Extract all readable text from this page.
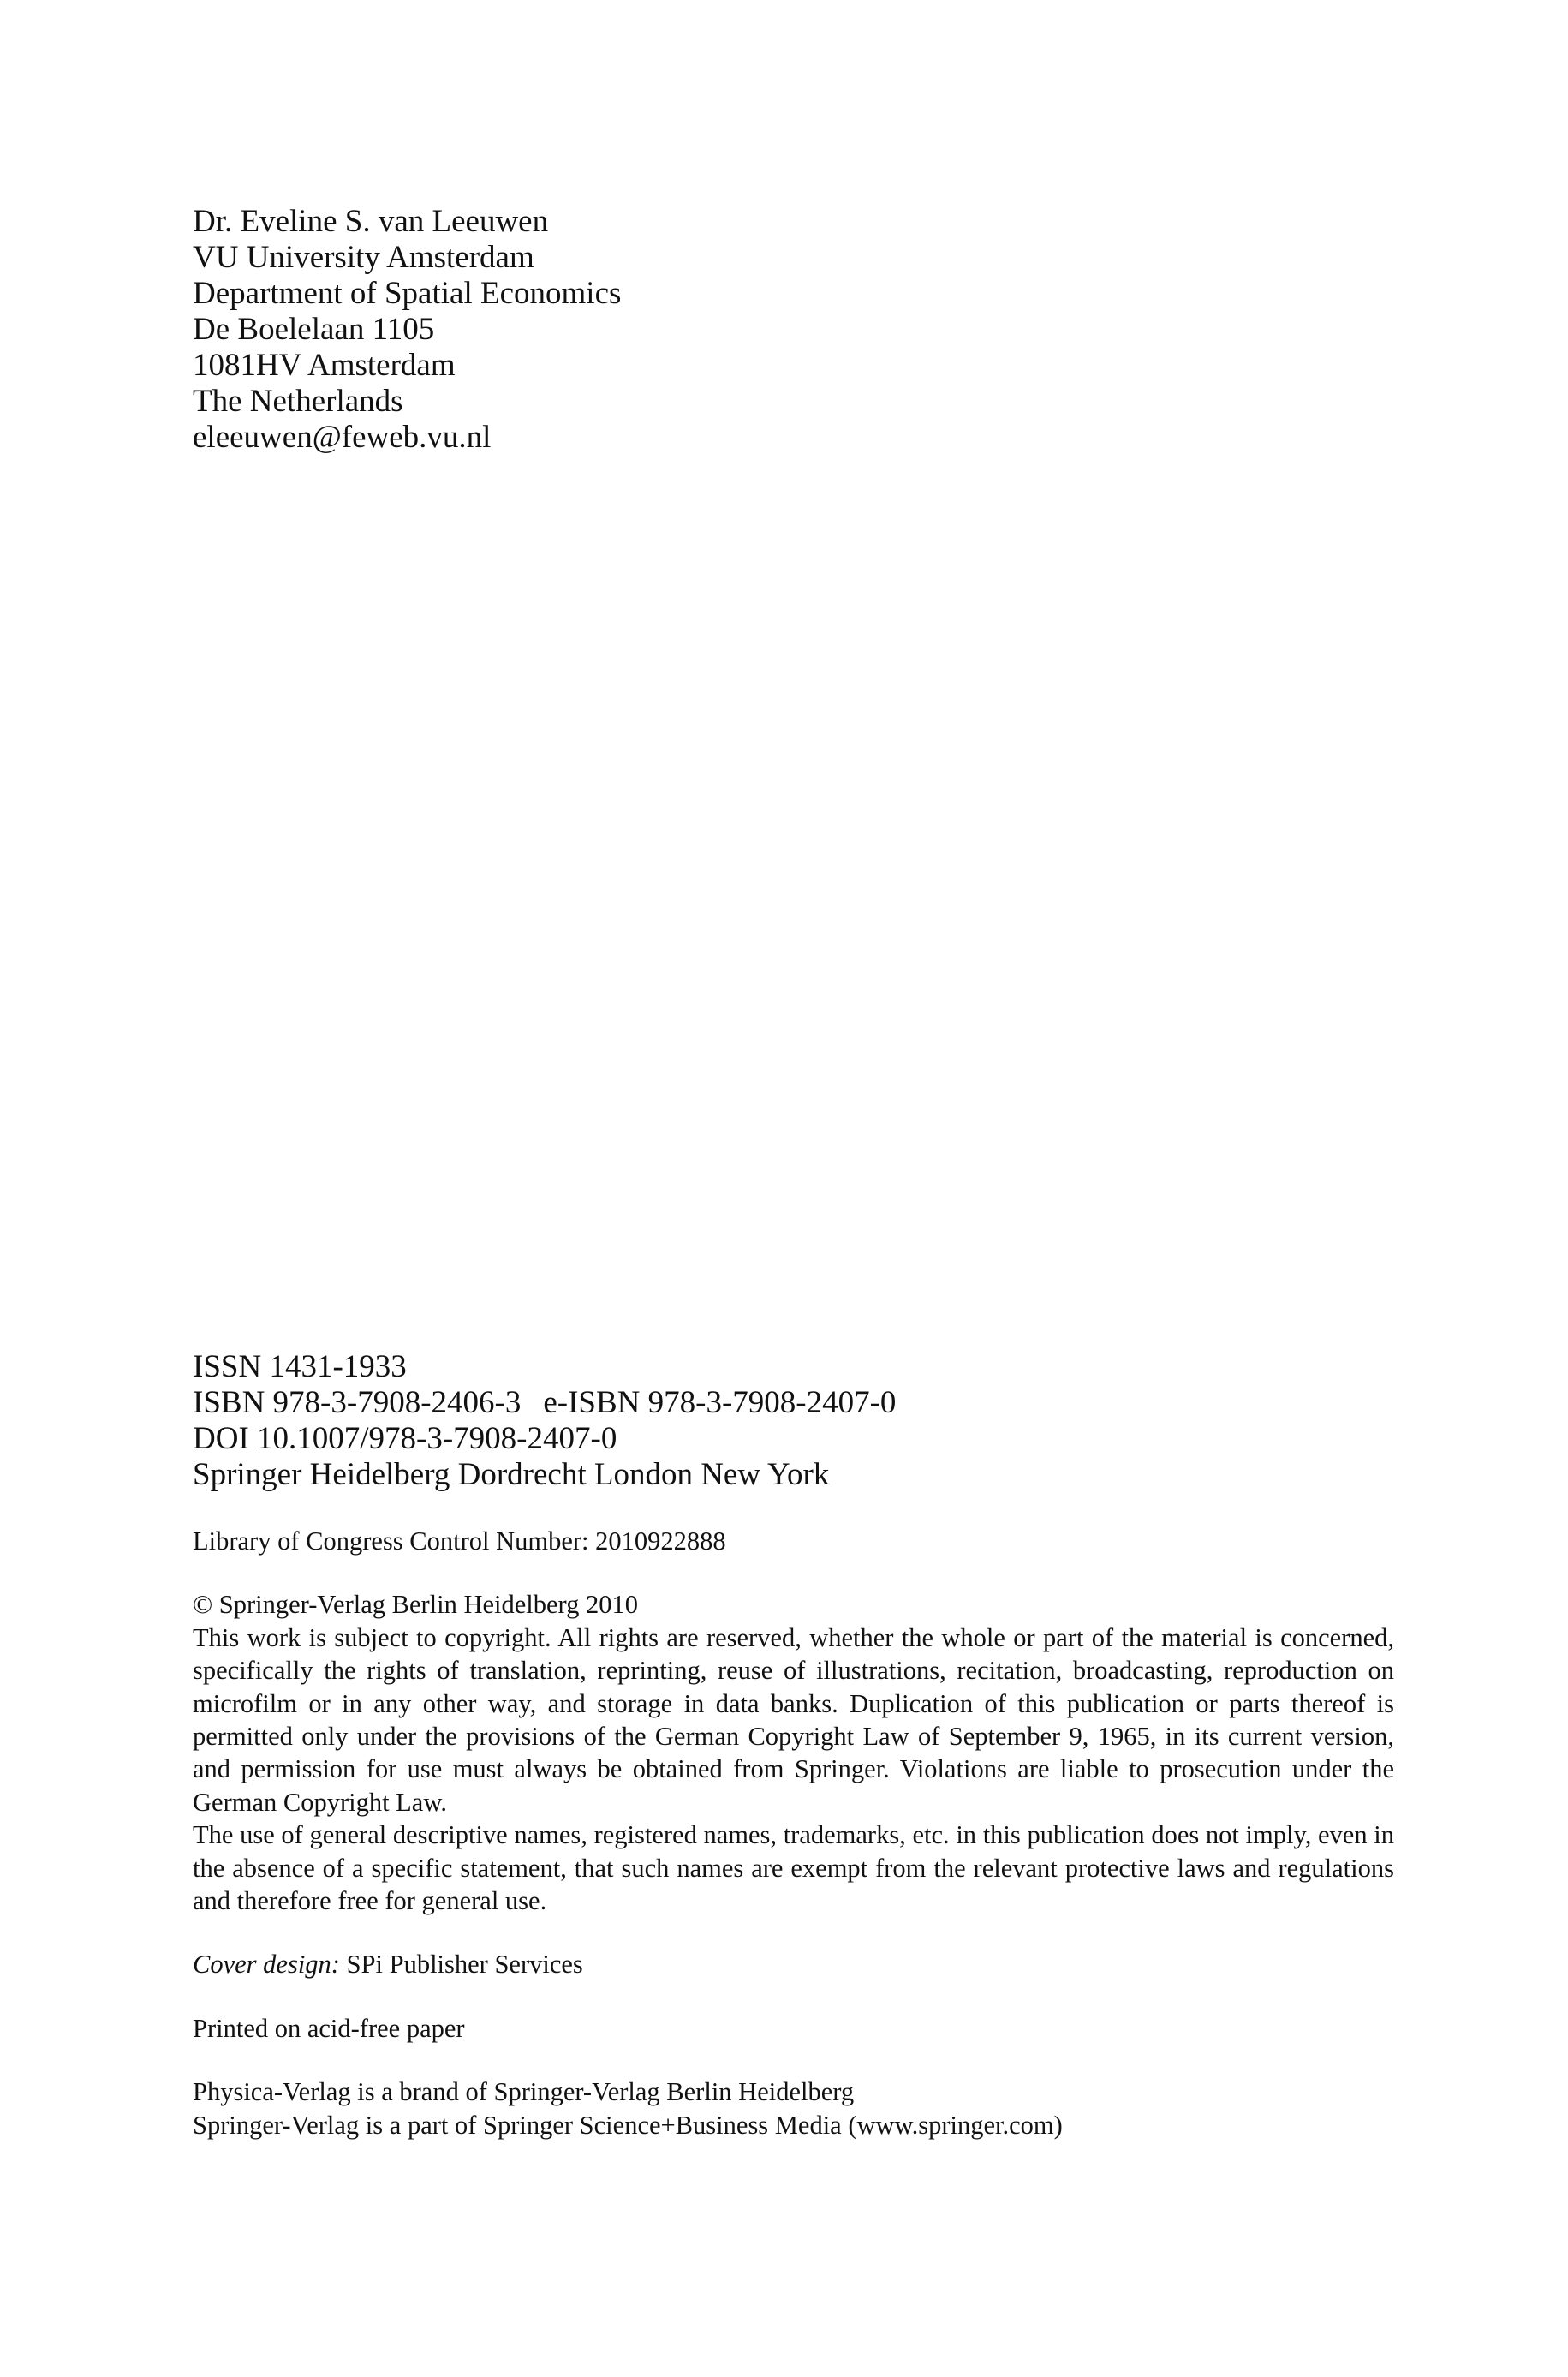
Dr. Eveline S. van Leeuwen
VU University Amsterdam
Department of Spatial Economics
De Boelelaan 1105
1081HV Amsterdam
The Netherlands
eleeuwen@feweb.vu.nl
ISSN 1431-1933
ISBN 978-3-7908-2406-3 e-ISBN 978-3-7908-2407-0
DOI 10.1007/978-3-7908-2407-0
Springer Heidelberg Dordrecht London New York

Library of Congress Control Number: 2010922888

© Springer-Verlag Berlin Heidelberg 2010

This work is subject to copyright. All rights are reserved, whether the whole or part of the material is concerned, specifically the rights of translation, reprinting, reuse of illustrations, recitation, broadcasting, reproduction on microfilm or in any other way, and storage in data banks. Duplication of this publication or parts thereof is permitted only under the provisions of the German Copyright Law of September 9, 1965, in its current version, and permission for use must always be obtained from Springer. Violations are liable to prosecution under the German Copyright Law.

The use of general descriptive names, registered names, trademarks, etc. in this publication does not imply, even in the absence of a specific statement, that such names are exempt from the relevant protective laws and regulations and therefore free for general use.

Cover design: SPi Publisher Services

Printed on acid-free paper

Physica-Verlag is a brand of Springer-Verlag Berlin Heidelberg

Springer-Verlag is a part of Springer Science+Business Media (www.springer.com)
